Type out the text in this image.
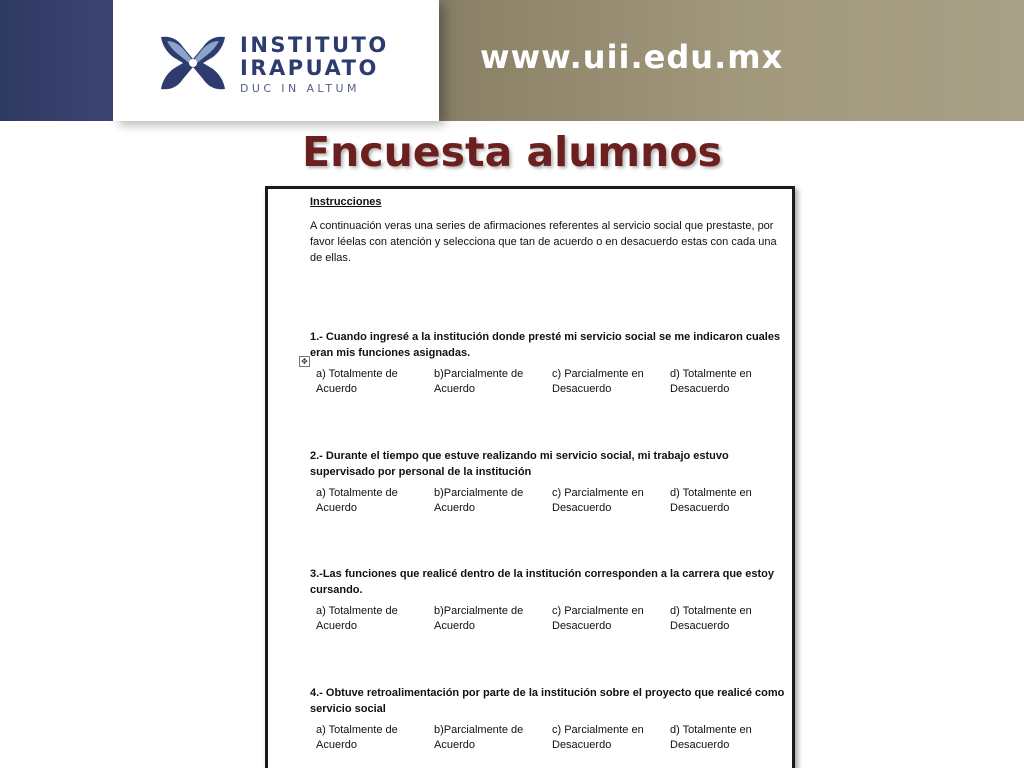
INSTITUTO
IRAPUATO
DUC IN ALTUM
www.uii.edu.mx
Encuesta alumnos
Instrucciones
A continuación veras una series de afirmaciones referentes al servicio social que prestaste, por favor léelas con atención y selecciona que tan de acuerdo o en desacuerdo estas con cada una de ellas.
1.- Cuando ingresé a la institución donde presté mi servicio social se me indicaron cuales eran mis funciones asignadas.
✥
a) Totalmente de Acuerdo
b)Parcialmente de Acuerdo
c) Parcialmente en Desacuerdo
d) Totalmente en Desacuerdo
2.- Durante el tiempo que estuve realizando mi servicio social, mi trabajo estuvo supervisado por personal de la institución
a) Totalmente de Acuerdo
b)Parcialmente de Acuerdo
c) Parcialmente en Desacuerdo
d) Totalmente en Desacuerdo
3.-Las funciones que realicé dentro de la institución corresponden a la carrera que estoy cursando.
a) Totalmente de Acuerdo
b)Parcialmente de Acuerdo
c) Parcialmente en Desacuerdo
d) Totalmente en Desacuerdo
4.- Obtuve retroalimentación por parte de la institución sobre el proyecto que realicé como servicio social
a) Totalmente de Acuerdo
b)Parcialmente de Acuerdo
c) Parcialmente en Desacuerdo
d) Totalmente en Desacuerdo
